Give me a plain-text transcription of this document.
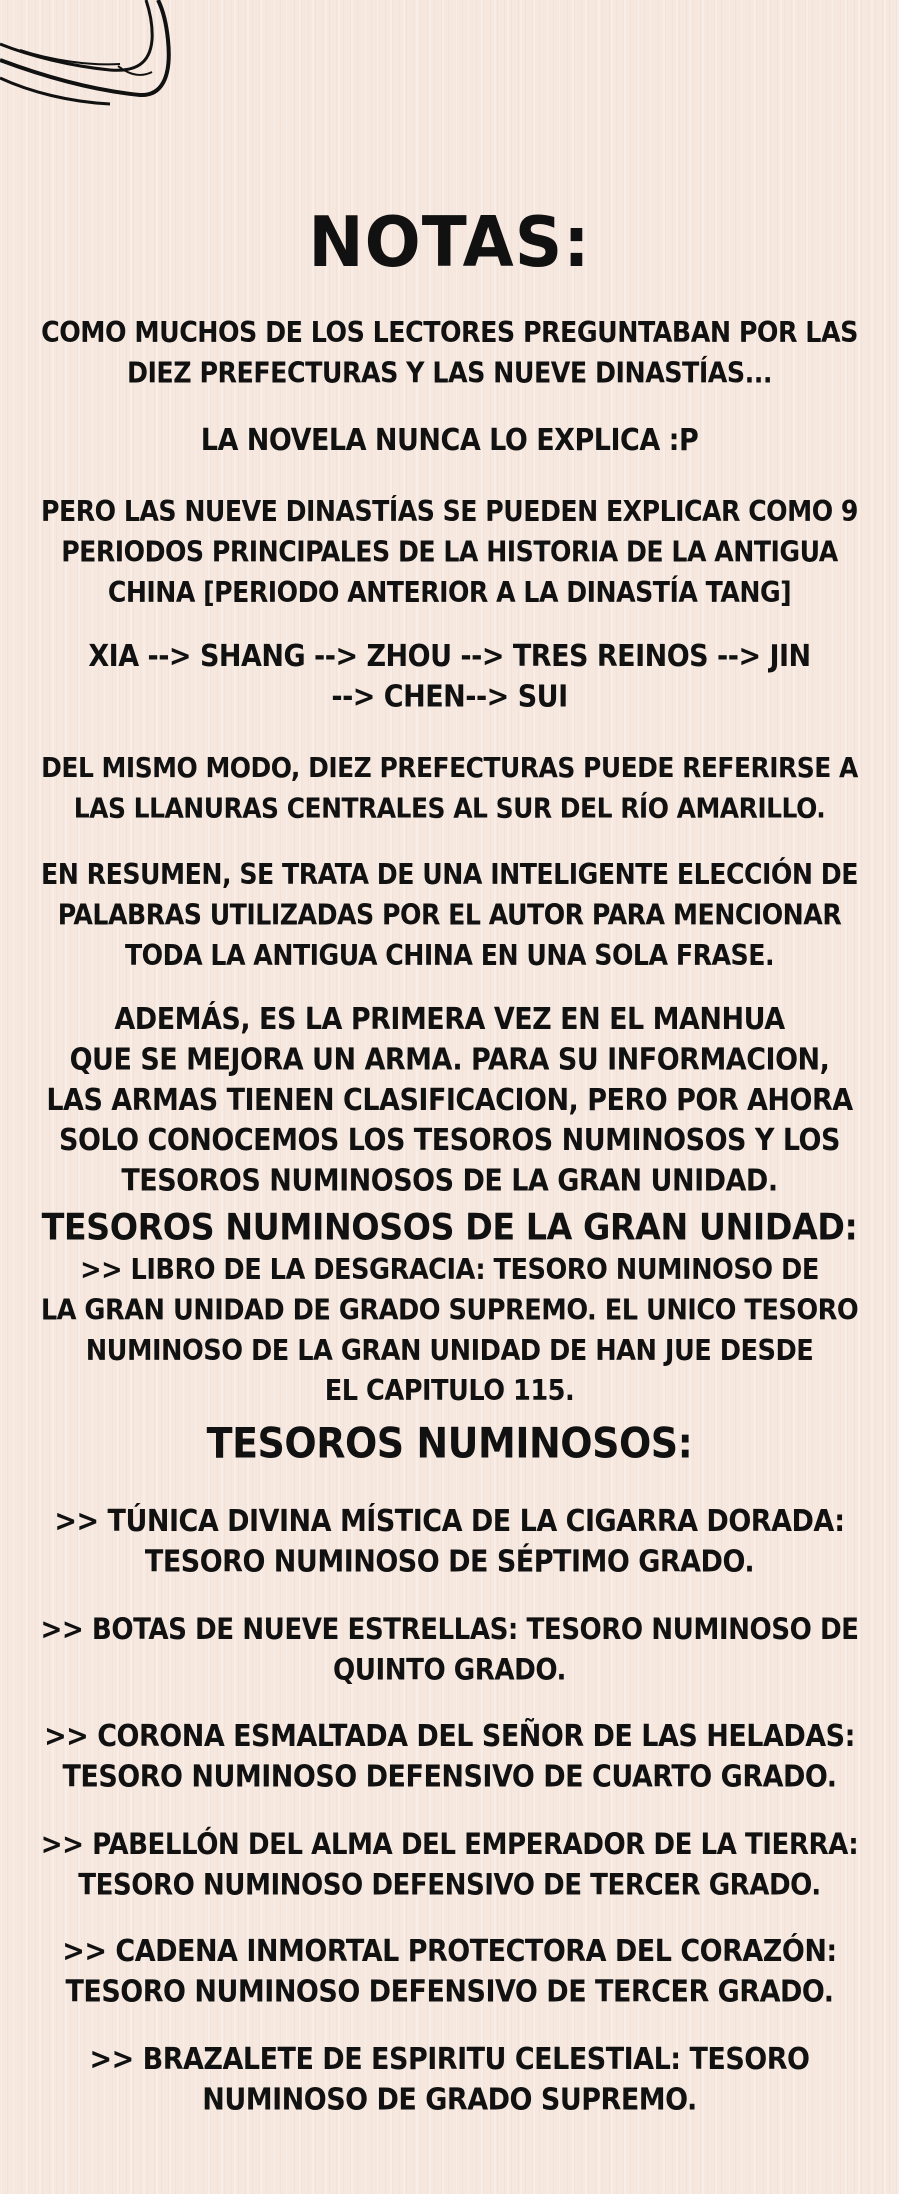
NOTAS:
COMO MUCHOS DE LOS LECTORES PREGUNTABAN POR LAS
DIEZ PREFECTURAS Y LAS NUEVE DINASTÍAS...
LA NOVELA NUNCA LO EXPLICA :P
PERO LAS NUEVE DINASTÍAS SE PUEDEN EXPLICAR COMO 9
PERIODOS PRINCIPALES DE LA HISTORIA DE LA ANTIGUA
CHINA [PERIODO ANTERIOR A LA DINASTÍA TANG]
XIA --> SHANG --> ZHOU --> TRES REINOS --> JIN
--> CHEN--> SUI
DEL MISMO MODO, DIEZ PREFECTURAS PUEDE REFERIRSE A
LAS LLANURAS CENTRALES AL SUR DEL RÍO AMARILLO.
EN RESUMEN, SE TRATA DE UNA INTELIGENTE ELECCIÓN DE
PALABRAS UTILIZADAS POR EL AUTOR PARA MENCIONAR
TODA LA ANTIGUA CHINA EN UNA SOLA FRASE.
ADEMÁS, ES LA PRIMERA VEZ EN EL MANHUA
QUE SE MEJORA UN ARMA. PARA SU INFORMACION,
LAS ARMAS TIENEN CLASIFICACION, PERO POR AHORA
SOLO CONOCEMOS LOS TESOROS NUMINOSOS Y LOS
TESOROS NUMINOSOS DE LA GRAN UNIDAD.
TESOROS NUMINOSOS DE LA GRAN UNIDAD:
>> LIBRO DE LA DESGRACIA: TESORO NUMINOSO DE
LA GRAN UNIDAD DE GRADO SUPREMO. EL UNICO TESORO
NUMINOSO DE LA GRAN UNIDAD DE HAN JUE DESDE
EL CAPITULO 115.
TESOROS NUMINOSOS:
>> TÚNICA DIVINA MÍSTICA DE LA CIGARRA DORADA:
TESORO NUMINOSO DE SÉPTIMO GRADO.
>> BOTAS DE NUEVE ESTRELLAS: TESORO NUMINOSO DE
QUINTO GRADO.
>> CORONA ESMALTADA DEL SEÑOR DE LAS HELADAS:
TESORO NUMINOSO DEFENSIVO DE CUARTO GRADO.
>> PABELLÓN DEL ALMA DEL EMPERADOR DE LA TIERRA:
TESORO NUMINOSO DEFENSIVO DE TERCER GRADO.
>> CADENA INMORTAL PROTECTORA DEL CORAZÓN:
TESORO NUMINOSO DEFENSIVO DE TERCER GRADO.
>> BRAZALETE DE ESPIRITU CELESTIAL: TESORO
NUMINOSO DE GRADO SUPREMO.
